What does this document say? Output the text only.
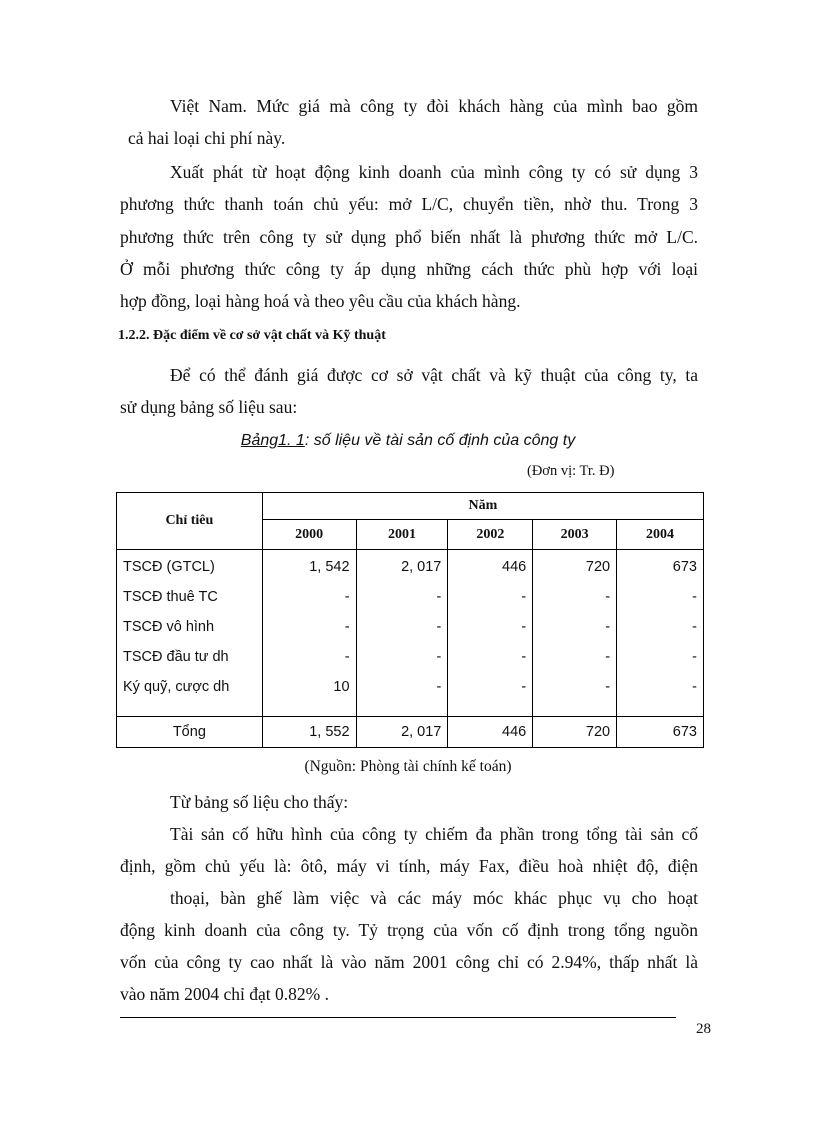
Việt Nam. Mức giá mà công ty đòi khách hàng của mình bao gồm

cả hai loại chi phí này.

Xuất phát từ hoạt động kinh doanh của mình công ty có sử dụng 3

phương thức thanh toán chủ yếu: mở L/C, chuyển tiền, nhờ thu. Trong 3

phương thức trên công ty sử dụng phổ biến nhất là phương thức mở L/C.

Ở mỗi phương thức công ty áp dụng những cách thức phù hợp với loại

hợp đồng, loại hàng hoá và theo yêu cầu của khách hàng.

1.2.2. Đặc điểm về cơ sở vật chất và Kỹ thuật

Để có thể đánh giá được cơ sở vật chất và kỹ thuật của công ty, ta

sử dụng bảng số liệu sau:

Bảng1. 1: số liệu về tài sản cố định của công ty
(Đơn vị: Tr. Đ)
Chỉ tiêu	Năm				
	2000	2001	2002	2003	2004
TSCĐ (GTCL)	1, 542	2, 017	446	720	673
TSCĐ thuê TC	-	-	-	-	-
TSCĐ vô hình	-	-	-	-	-
TSCĐ đầu tư dh	-	-	-	-	-
Ký quỹ, cược dh	10	-	-	-	-

Tổng	1, 552	2, 017	446	720	673
(Nguồn: Phòng tài chính kế toán)

Từ bảng số liệu cho thấy:

Tài sản cố hữu hình của công ty chiếm đa phần trong tổng tài sản cố

định, gồm chủ yếu là: ôtô, máy vi tính, máy Fax, điều hoà nhiệt độ, điện

thoại, bàn ghế làm việc và các máy móc khác phục vụ cho hoạt

động kinh doanh của công ty. Tỷ trọng của vốn cố định trong tổng nguồn

vốn của công ty cao nhất là vào năm 2001 công chỉ có 2.94%, thấp nhất là

vào năm 2004 chỉ đạt 0.82% .

28
